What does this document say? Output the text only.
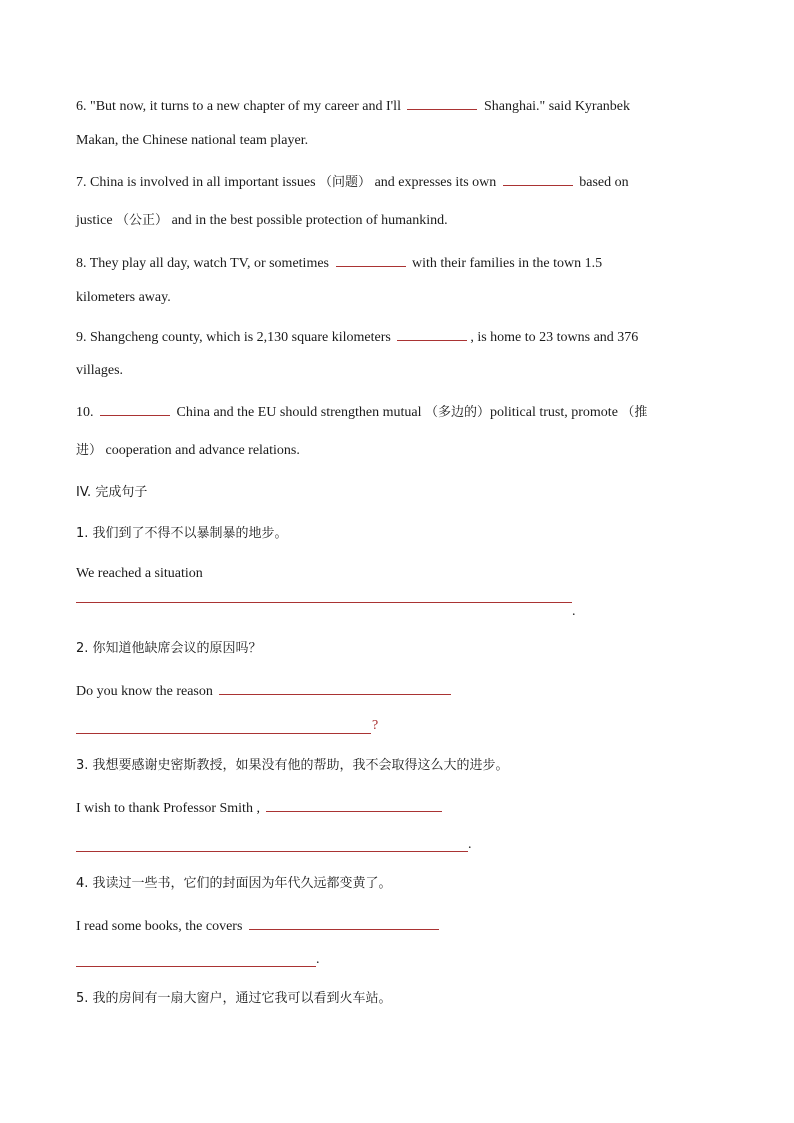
6. "But now, it turns to a new chapter of my career and I'll	Shanghai." said Kyranbek
Makan, the Chinese national team player.
7. China is involved in all important issues （问题） and expresses its own	based on
justice （公正） and in the best possible protection of humankind.
8. They play all day, watch TV, or sometimes	with their families in the town 1.5
kilometers away.
9. Shangcheng county, which is 2,130 square kilometers	, is home to 23 towns and 376
villages.
10.	China and the EU should strengthen mutual （多边的）political trust, promote （推
进） cooperation and advance relations.
IV. 完成句子
1. 我们到了不得不以暴制暴的地步。
We reached a situation
.
2. 你知道他缺席会议的原因吗？
Do you know the reason
?
3. 我想要感谢史密斯教授，如果没有他的帮助，我不会取得这么大的进步。
I wish to thank Professor Smith ,
.
4. 我读过一些书，它们的封面因为年代久远都变黄了。
I read some books, the covers
.
5. 我的房间有一扇大窗户，通过它我可以看到火车站。
